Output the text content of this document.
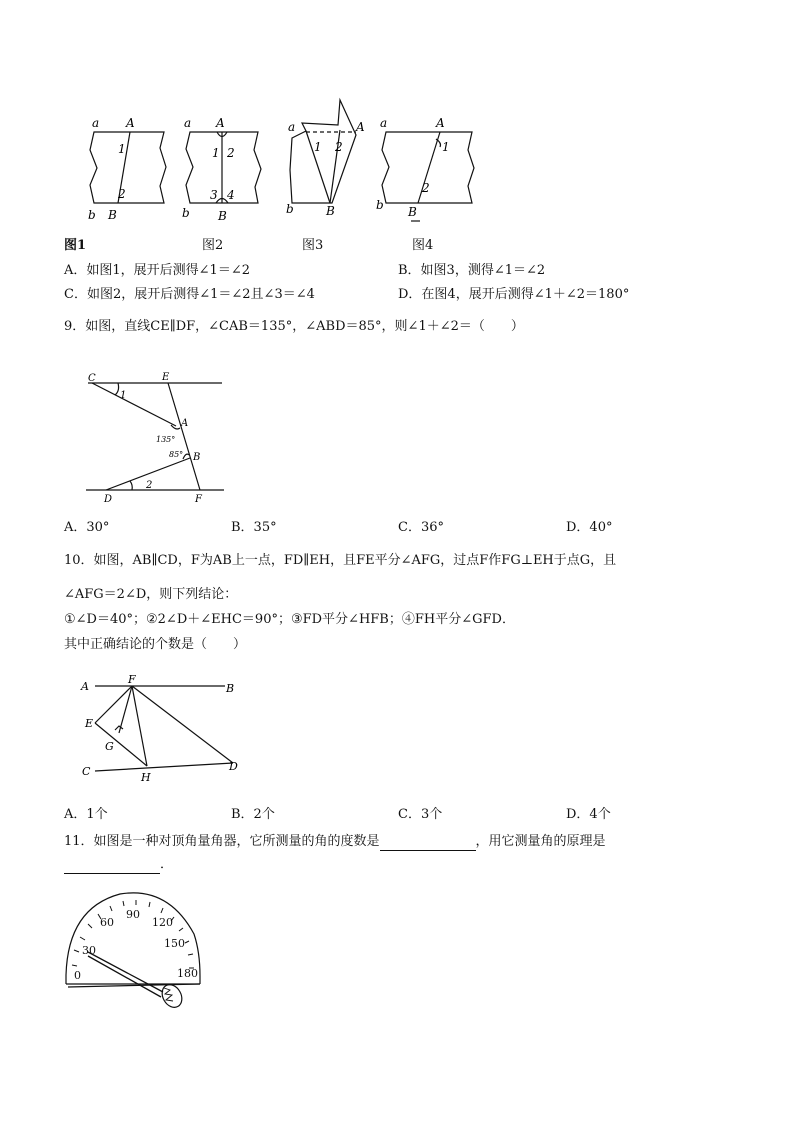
a A
1
2
b B
a A
1 2
3 4
b B
a	A
1 2
b	B
a	A
1
2
b B
图1	图2	图3	图4
A．如图1，展开后测得∠1＝∠2	B．如图3，测得∠1＝∠2
C．如图2，展开后测得∠1＝∠2且∠3＝∠4	D．在图4，展开后测得∠1＋∠2＝180°
9．如图，直线CE∥DF，∠CAB＝135°，∠ABD＝85°，则∠1＋∠2＝（　　）
C	E
1
A
135°
85° B
2
D	F
A．30°	B．35°	C．36°	D．40°
10．如图，AB∥CD，F为AB上一点，FD∥EH，且FE平分∠AFG，过点F作FG⊥EH于点G，且
∠AFG＝2∠D，则下列结论：
①∠D＝40°；②2∠D＋∠EHC＝90°；③FD平分∠HFB；④FH平分∠GFD．
其中正确结论的个数是（　　）
A
F
B
E
G
C	H
D
A．1个	B．2个	C．3个	D．4个
11．如图是一种对顶角量角器，它所测量的角的度数是	，用它测量角的原理是
．
0
30
60
90
120
150
180
